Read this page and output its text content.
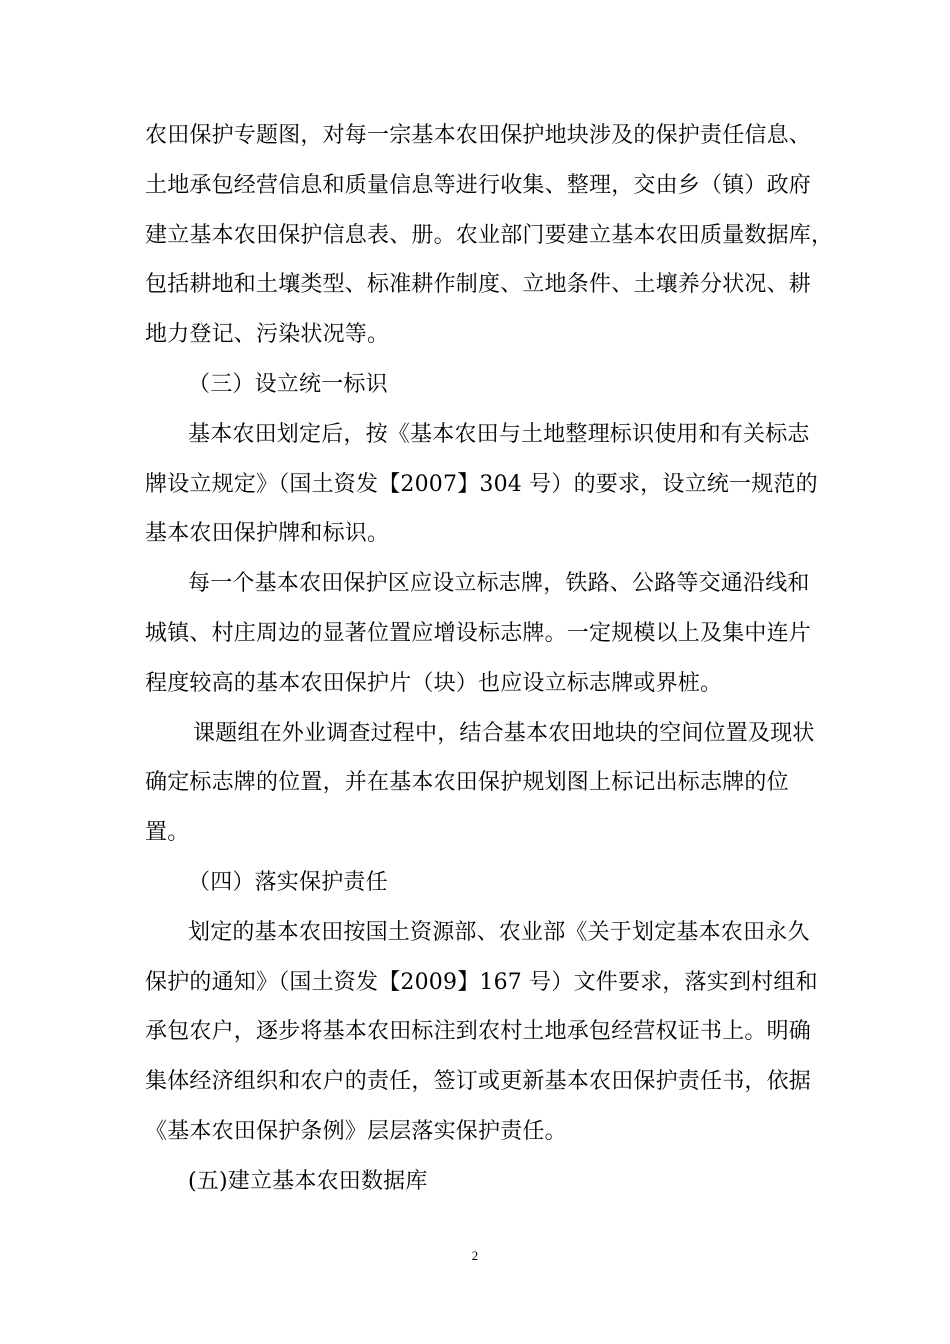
农田保护专题图，对每一宗基本农田保护地块涉及的保护责任信息、
土地承包经营信息和质量信息等进行收集、整理，交由乡（镇）政府
建立基本农田保护信息表、册。农业部门要建立基本农田质量数据库，
包括耕地和土壤类型、标准耕作制度、立地条件、土壤养分状况、耕
地力登记、污染状况等。
（三）设立统一标识
基本农田划定后，按《基本农田与土地整理标识使用和有关标志
牌设立规定》（国土资发【2007】304 号）的要求，设立统一规范的
基本农田保护牌和标识。
每一个基本农田保护区应设立标志牌，铁路、公路等交通沿线和
城镇、村庄周边的显著位置应增设标志牌。一定规模以上及集中连片
程度较高的基本农田保护片（块）也应设立标志牌或界桩。
课题组在外业调查过程中，结合基本农田地块的空间位置及现状
确定标志牌的位置，并在基本农田保护规划图上标记出标志牌的位
置。
（四）落实保护责任
划定的基本农田按国土资源部、农业部《关于划定基本农田永久
保护的通知》（国土资发【2009】167 号）文件要求，落实到村组和
承包农户，逐步将基本农田标注到农村土地承包经营权证书上。明确
集体经济组织和农户的责任，签订或更新基本农田保护责任书，依据
《基本农田保护条例》层层落实保护责任。
(五)建立基本农田数据库
2
